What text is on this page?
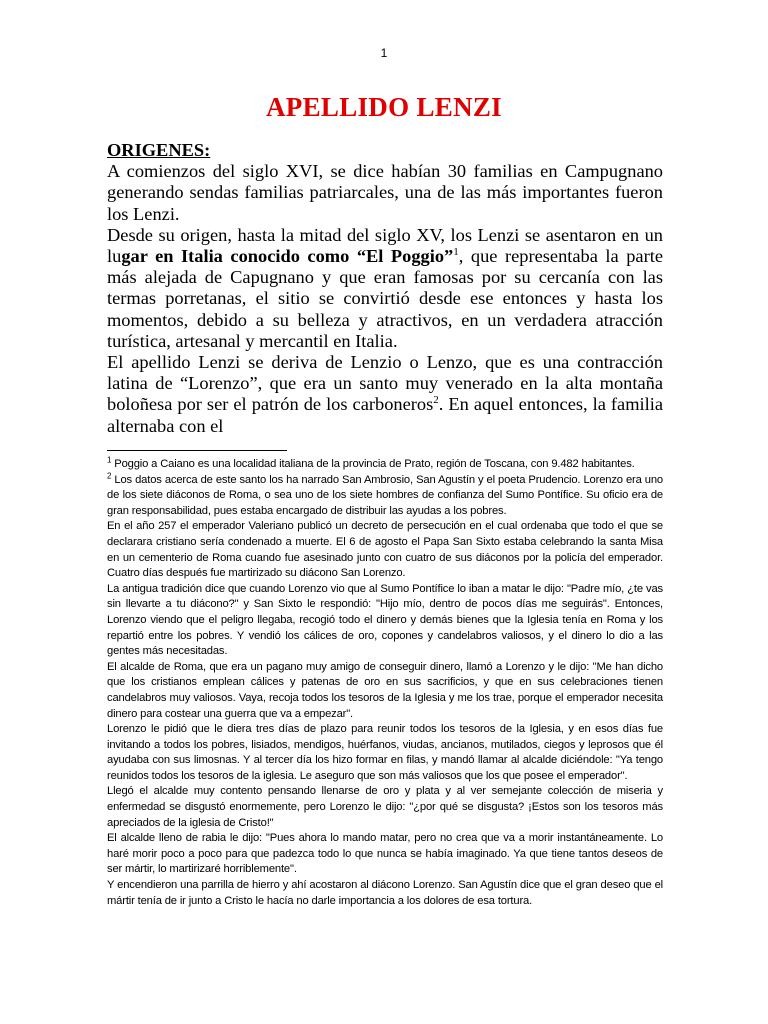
1
APELLIDO LENZI

ORIGENES:

A comienzos del siglo XVI, se dice habían 30 familias en Campugnano generando sendas familias patriarcales, una de las más importantes fueron los Lenzi.

Desde su origen, hasta la mitad del siglo XV, los Lenzi se asentaron en un lugar en Italia conocido como “El Poggio”$^1$, que representaba la parte más alejada de Capugnano y que eran famosas por su cercanía con las termas porretanas, el sitio se convirtió desde ese entonces y hasta los momentos, debido a su belleza y atractivos, en un verdadera atracción turística, artesanal y mercantil en Italia.

El apellido Lenzi se deriva de Lenzio o Lenzo, que es una contracción latina de “Lorenzo”, que era un santo muy venerado en la alta montaña boloñesa por ser el patrón de los carboneros$^2$. En aquel entonces, la familia alternaba con el

$^1$ Poggio a Caiano es una localidad italiana de la provincia de Prato, región de Toscana, con 9.482 habitantes.

$^2$ Los datos acerca de este santo los ha narrado San Ambrosio, San Agustín y el poeta Prudencio. Lorenzo era uno de los siete diáconos de Roma, o sea uno de los siete hombres de confianza del Sumo Pontífice. Su oficio era de gran responsabilidad, pues estaba encargado de distribuir las ayudas a los pobres.

En el año 257 el emperador Valeriano publicó un decreto de persecución en el cual ordenaba que todo el que se declarara cristiano sería condenado a muerte. El 6 de agosto el Papa San Sixto estaba celebrando la santa Misa en un cementerio de Roma cuando fue asesinado junto con cuatro de sus diáconos por la policía del emperador. Cuatro días después fue martirizado su diácono San Lorenzo.

La antigua tradición dice que cuando Lorenzo vio que al Sumo Pontífice lo iban a matar le dijo: "Padre mío, ¿te vas sin llevarte a tu diácono?" y San Sixto le respondió: "Hijo mío, dentro de pocos días me seguirás". Entonces, Lorenzo viendo que el peligro llegaba, recogió todo el dinero y demás bienes que la Iglesia tenía en Roma y los repartió entre los pobres. Y vendió los cálices de oro, copones y candelabros valiosos, y el dinero lo dio a las gentes más necesitadas.

El alcalde de Roma, que era un pagano muy amigo de conseguir dinero, llamó a Lorenzo y le dijo: "Me han dicho que los cristianos emplean cálices y patenas de oro en sus sacrificios, y que en sus celebraciones tienen candelabros muy valiosos. Vaya, recoja todos los tesoros de la Iglesia y me los trae, porque el emperador necesita dinero para costear una guerra que va a empezar".

Lorenzo le pidió que le diera tres días de plazo para reunir todos los tesoros de la Iglesia, y en esos días fue invitando a todos los pobres, lisiados, mendigos, huérfanos, viudas, ancianos, mutilados, ciegos y leprosos que él ayudaba con sus limosnas. Y al tercer día los hizo formar en filas, y mandó llamar al alcalde diciéndole: "Ya tengo reunidos todos los tesoros de la iglesia. Le aseguro que son más valiosos que los que posee el emperador".

Llegó el alcalde muy contento pensando llenarse de oro y plata y al ver semejante colección de miseria y enfermedad se disgustó enormemente, pero Lorenzo le dijo: "¿por qué se disgusta? ¡Estos son los tesoros más apreciados de la iglesia de Cristo!"

El alcalde lleno de rabia le dijo: "Pues ahora lo mando matar, pero no crea que va a morir instantáneamente. Lo haré morir poco a poco para que padezca todo lo que nunca se había imaginado. Ya que tiene tantos deseos de ser mártir, lo martirizaré horriblemente".

Y encendieron una parrilla de hierro y ahí acostaron al diácono Lorenzo. San Agustín dice que el gran deseo que el mártir tenía de ir junto a Cristo le hacía no darle importancia a los dolores de esa tortura.
